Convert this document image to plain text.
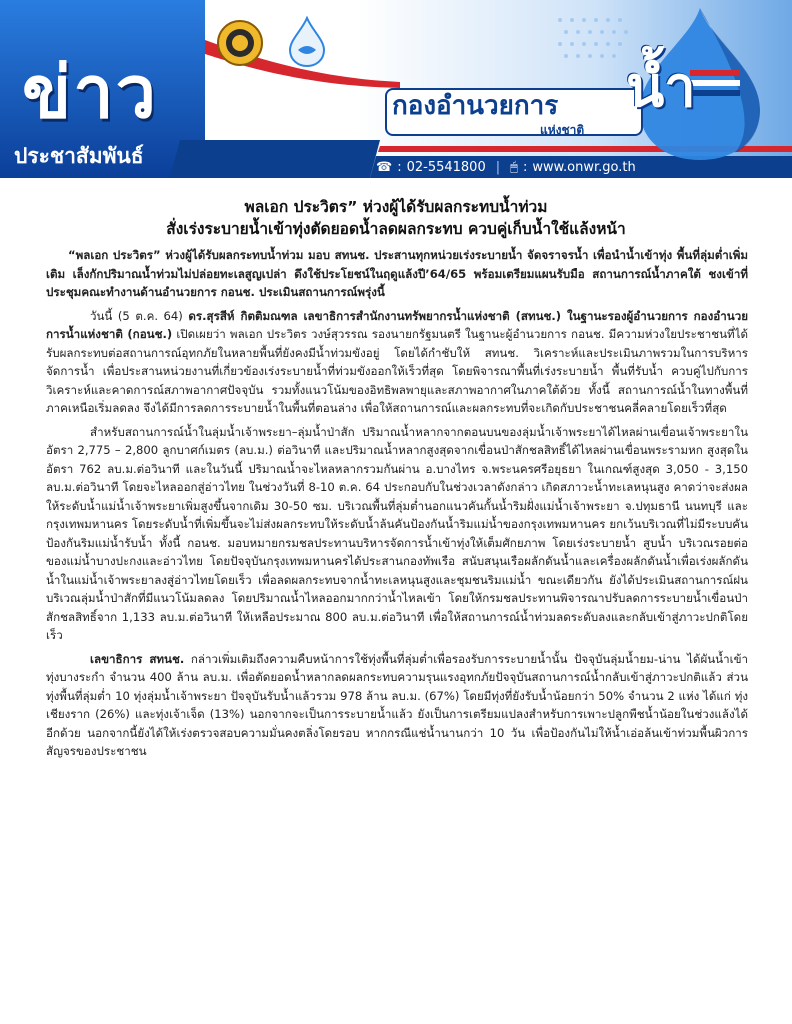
ข่าว
ประชาสัมพันธ์
กองอำนวยการ
แห่งชาติ
น้ำ
☎ : 02-5541800 | 🖱 : www.onwr.go.th
พลเอก ประวิตร” ห่วงผู้ได้รับผลกระทบน้ำท่วม
สั่งเร่งระบายน้ำเข้าทุ่งตัดยอดน้ำลดผลกระทบ ควบคู่เก็บน้ำใช้แล้งหน้า

“พลเอก ประวิตร” ห่วงผู้ได้รับผลกระทบน้ำท่วม มอบ สทนช. ประสานทุกหน่วยเร่งระบายน้ำ จัดจราจรน้ำ เพื่อนำน้ำเข้าทุ่ง พื้นที่ลุ่มต่ำเพิ่มเติม เล็งกักปริมาณน้ำท่วมไม่ปล่อยทะเลสูญเปล่า ดึงใช้ประโยชน์ในฤดูแล้งปี’64/65 พร้อมเตรียมแผนรับมือ สถานการณ์น้ำภาคใต้ ชงเข้าที่ประชุมคณะทำงานด้านอำนวยการ กอนช. ประเมินสถานการณ์พรุ่งนี้

วันนี้ (5 ต.ค. 64) ดร.สุรสีห์ กิตติมณฑล เลขาธิการสำนักงานทรัพยากรน้ำแห่งชาติ (สทนช.) ในฐานะรองผู้อำนวยการ กองอำนวยการน้ำแห่งชาติ (กอนช.) เปิดเผยว่า พลเอก ประวิตร วงษ์สุวรรณ รองนายกรัฐมนตรี ในฐานะผู้อำนวยการ กอนช. มีความห่วงใยประชาชนที่ได้รับผลกระทบต่อสถานการณ์อุทกภัยในหลายพื้นที่ยังคงมีน้ำท่วมขังอยู่ โดยได้กำชับให้ สทนช. วิเคราะห์และประเมินภาพรวมในการบริหารจัดการน้ำ เพื่อประสานหน่วยงานที่เกี่ยวข้องเร่งระบายน้ำที่ท่วมขังออกให้เร็วที่สุด โดยพิจารณาพื้นที่เร่งระบายน้ำ พื้นที่รับน้ำ ควบคู่ไปกับการวิเคราะห์และคาดการณ์สภาพอากาศปัจจุบัน รวมทั้งแนวโน้มของอิทธิพลพายุและสภาพอากาศในภาคใต้ด้วย ทั้งนี้ สถานการณ์น้ำในทางพื้นที่ภาคเหนือเริ่มลดลง จึงได้มีการลดการระบายน้ำในพื้นที่ตอนล่าง เพื่อให้สถานการณ์และผลกระทบที่จะเกิดกับประชาชนคลี่คลายโดยเร็วที่สุด

สำหรับสถานการณ์น้ำในลุ่มน้ำเจ้าพระยา–ลุ่มน้ำป่าสัก ปริมาณน้ำหลากจากตอนบนของลุ่มน้ำเจ้าพระยาได้ไหลผ่านเขื่อนเจ้าพระยาในอัตรา 2,775 – 2,800 ลูกบาศก์เมตร (ลบ.ม.) ต่อวินาที และปริมาณน้ำหลากสูงสุดจากเขื่อนป่าสักชลสิทธิ์ได้ไหลผ่านเขื่อนพระรามหก สูงสุดในอัตรา 762 ลบ.ม.ต่อวินาที และในวันนี้ ปริมาณน้ำจะไหลหลากรวมกันผ่าน อ.บางไทร จ.พระนครศรีอยุธยา ในเกณฑ์สูงสุด 3,050 - 3,150 ลบ.ม.ต่อวินาที โดยจะไหลออกสู่อ่าวไทย ในช่วงวันที่ 8-10 ต.ค. 64 ประกอบกับในช่วงเวลาดังกล่าว เกิดสภาวะน้ำทะเลหนุนสูง คาดว่าจะส่งผลให้ระดับน้ำแม่น้ำเจ้าพระยาเพิ่มสูงขึ้นจากเดิม 30-50 ซม. บริเวณพื้นที่ลุ่มต่ำนอกแนวคันกั้นน้ำริมฝั่งแม่น้ำเจ้าพระยา จ.ปทุมธานี นนทบุรี และกรุงเทพมหานคร โดยระดับน้ำที่เพิ่มขึ้นจะไม่ส่งผลกระทบให้ระดับน้ำล้นคันป้องกันน้ำริมแม่น้ำของกรุงเทพมหานคร ยกเว้นบริเวณที่ไม่มีระบบคันป้องกันริมแม่น้ำรับน้ำ ทั้งนี้ กอนช. มอบหมายกรมชลประทานบริหารจัดการน้ำเข้าทุ่งให้เต็มศักยภาพ โดยเร่งระบายน้ำ สูบน้ำ บริเวณรอยต่อของแม่น้ำบางปะกงและอ่าวไทย โดยปัจจุบันกรุงเทพมหานครได้ประสานกองทัพเรือ สนับสนุนเรือผลักดันน้ำและเครื่องผลักดันน้ำเพื่อเร่งผลักดันน้ำในแม่น้ำเจ้าพระยาลงสู่อ่าวไทยโดยเร็ว เพื่อลดผลกระทบจากน้ำทะเลหนุนสูงและชุมชนริมแม่น้ำ ขณะเดียวกัน ยังได้ประเมินสถานการณ์ฝนบริเวณลุ่มน้ำป่าสักที่มีแนวโน้มลดลง โดยปริมาณน้ำไหลออกมากกว่าน้ำไหลเข้า โดยให้กรมชลประทานพิจารณาปรับลดการระบายน้ำเขื่อนป่าสักชลสิทธิ์จาก 1,133 ลบ.ม.ต่อวินาที ให้เหลือประมาณ 800 ลบ.ม.ต่อวินาที เพื่อให้สถานการณ์น้ำท่วมลดระดับลงและกลับเข้าสู่ภาวะปกติโดยเร็ว

เลขาธิการ สทนช. กล่าวเพิ่มเติมถึงความคืบหน้าการใช้ทุ่งพื้นที่ลุ่มต่ำเพื่อรองรับการระบายน้ำนั้น ปัจจุบันลุ่มน้ำยม-น่าน ได้ผันน้ำเข้าทุ่งบางระกำ จำนวน 400 ล้าน ลบ.ม. เพื่อตัดยอดน้ำหลากลดผลกระทบความรุนแรงอุทกภัยปัจจุบันสถานการณ์น้ำกลับเข้าสู่ภาวะปกติแล้ว ส่วนทุ่งพื้นที่ลุ่มต่ำ 10 ทุ่งลุ่มน้ำเจ้าพระยา ปัจจุบันรับน้ำแล้วรวม 978 ล้าน ลบ.ม. (67%) โดยมีทุ่งที่ยังรับน้ำน้อยกว่า 50% จำนวน 2 แห่ง ได้แก่ ทุ่งเชียงราก (26%) และทุ่งเจ้าเจ็ด (13%) นอกจากจะเป็นการระบายน้ำแล้ว ยังเป็นการเตรียมแปลงสำหรับการเพาะปลูกพืชน้ำน้อยในช่วงแล้งได้อีกด้วย นอกจากนี้ยังได้ให้เร่งตรวจสอบความมั่นคงตลิ่งโดยรอบ หากกรณีแช่น้ำนานกว่า 10 วัน เพื่อป้องกันไม่ให้น้ำเอ่อล้นเข้าท่วมพื้นผิวการสัญจรของประชาชน
